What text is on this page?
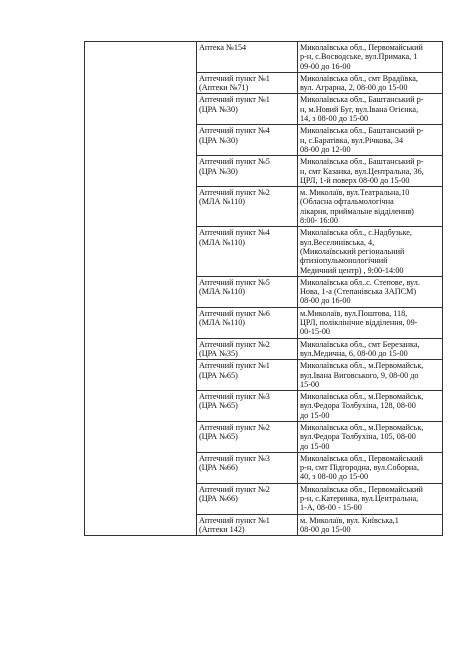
	Аптека №154	Миколаївська обл., Первомайський
р-н, с.Восводське, вул.Примака, 1
09-00 до 16-00

	Аптечний пункт №1
(Аптеки №71)	Миколаївська обл., смт Врадіївка,
вул. Аграрна, 2, 08-00 до 15-00

	Аптечний пункт №1
(ЦРА №30)	Миколаївська обл., Баштанський р-
н, м.Новий Буг, вул.Івана Огієнка,
14, з 08-00 до 15-00

	Аптечний пункт №4
(ЦРА №30)	Миколаївська обл., Баштанський р-
н, с.Баратівка, вул.Річкова, 34
08-00 до 12-00

	Аптечний пункт №5
(ЦРА №30)	Миколаївська обл., Баштанський р-
н, смт Казанка, вул.Центральна, 36,
ЦРЛ, 1-й поверх 08-00 до 15-00

	Аптечний пункт №2
(МЛА №110)	м. Миколаїв, вул.Театральна,10
(Обласна офтальмологічна
лікарня, приймальне відділення)
8:00- 16:00

	Аптечний пункт №4
(МЛА №110)	Миколаївська обл., с.Надбузьке,
вул.Веселинівська, 4,
(Миколаївський регіональний
фтизіопульмонологічний
Медичний центр) , 9:00-14:00

	Аптечний пункт №5
(МЛА №110)	Миколаївська обл..с. Степове, вул.
Нова, 1-а (Степанівська ЗАПСМ)
08-00 до 16-00

	Аптечний пункт №6
(МЛА №110)	м.Миколаїв, вул.Поштова, 118,
ЦРЛ, поліклінічне відділення, 09-
00-15-00

	Аптечний пункт №2
(ЦРА №35)	Миколаївська обл., смт Березанка,
вул.Медична, 6, 08-00 до 15-00

	Аптечний пункт №1
(ЦРА №65)	Миколаївська обл., м.Первомайськ,
вул.Івана Виговського, 9, 08-00 до
15-00

	Аптечний пункт №3
(ЦРА №65)	Миколаївська обл., м.Первомайськ,
вул.Федора Толбухіна, 128, 08-00
до 15-00

	Аптечний пункт №2
(ЦРА №65)	Миколаївська обл., м.Первомайськ,
вул.Федора Толбухіна, 105, 08-00
до 15-00

	Аптечний пункт №3
(ЦРА №66)	Миколаївська обл., Первомайський
р-н, смт Підгородна, вул.Соборна,
40, з 08-00 до 15-00

	Аптечний пункт №2
(ЦРА №66)	Миколаївська обл., Первомайський
р-н, с.Катеринка, вул.Центральна,
1-А, 08-00 - 15-00

	Аптечний пункт №1
(Аптеки 142)	м. Миколаїв, вул. Київська,1
08-00 до 15-00
